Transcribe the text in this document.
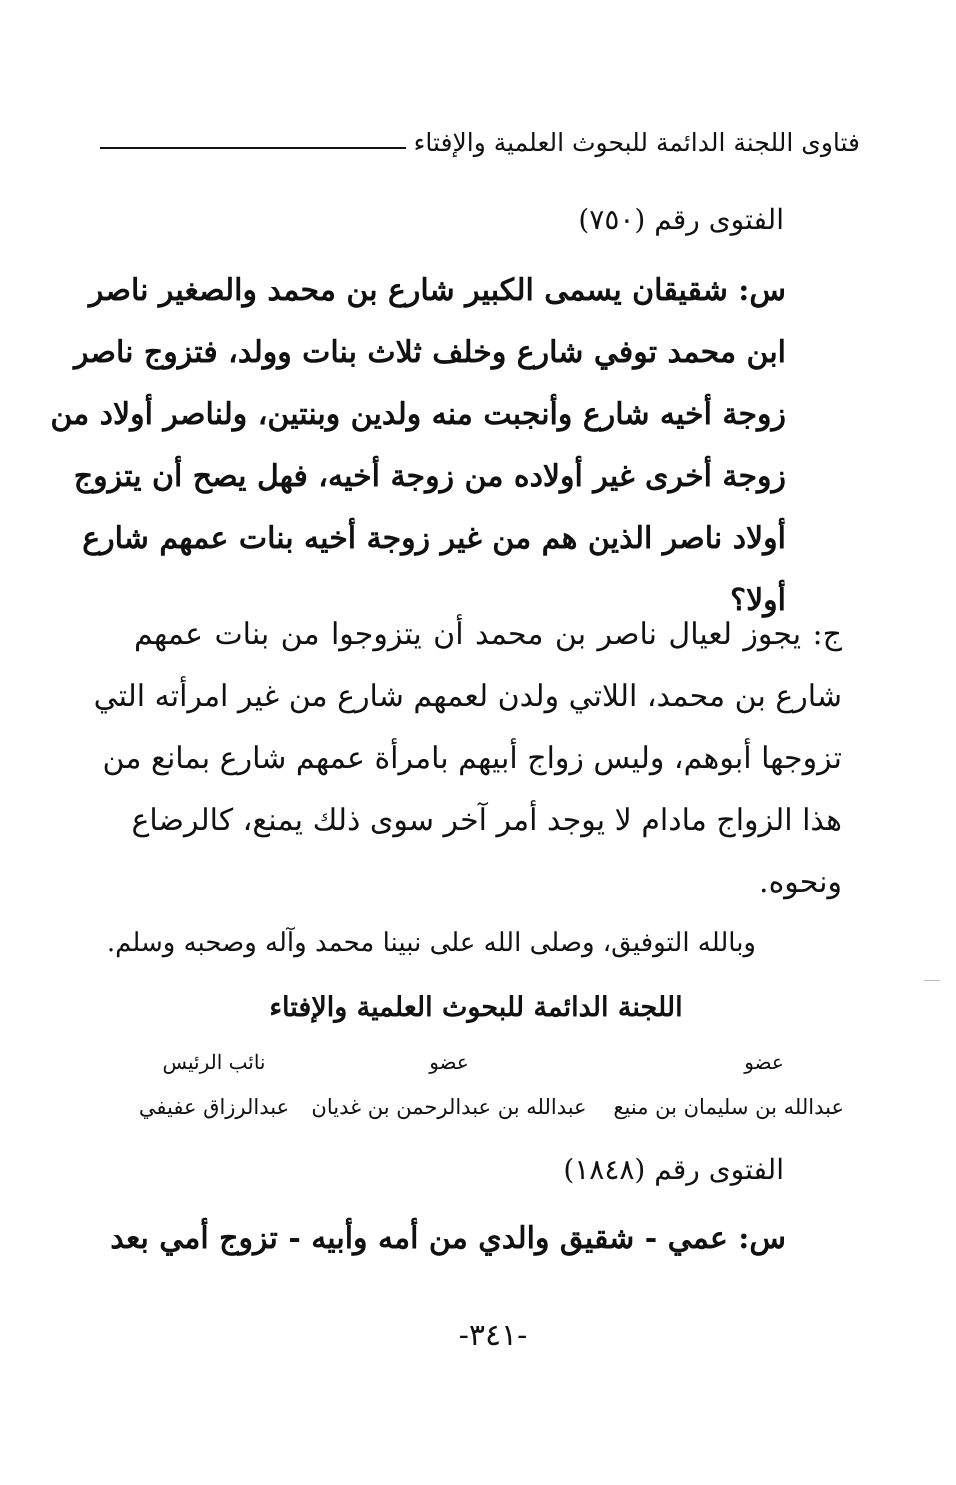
فتاوى اللجنة الدائمة للبحوث العلمية والإفتاء
الفتوى رقم (٧٥٠)
س: شقيقان يسمى الكبير شارع بن محمد والصغير ناصر
ابن محمد توفي شارع وخلف ثلاث بنات وولد، فتزوج ناصر
زوجة أخيه شارع وأنجبت منه ولدين وبنتين، ولناصر أولاد من
زوجة أخرى غير أولاده من زوجة أخيه، فهل يصح أن يتزوج
أولاد ناصر الذين هم من غير زوجة أخيه بنات عمهم شارع
أولا؟
ج: يجوز لعيال ناصر بن محمد أن يتزوجوا من بنات عمهم
شارع بن محمد، اللاتي ولدن لعمهم شارع من غير امرأته التي
تزوجها أبوهم، وليس زواج أبيهم بامرأة عمهم شارع بمانع من
هذا الزواج مادام لا يوجد أمر آخر سوى ذلك يمنع، كالرضاع
ونحوه.
وبالله التوفيق، وصلى الله على نبينا محمد وآله وصحبه وسلم.
اللجنة الدائمة للبحوث العلمية والإفتاء
عضو
عبدالله بن سليمان بن منيع
عضو
عبدالله بن عبدالرحمن بن غديان
نائب الرئيس
عبدالرزاق عفيفي
الفتوى رقم (١٨٤٨)
س: عمي - شقيق والدي من أمه وأبيه - تزوج أمي بعد
-٣٤١-
